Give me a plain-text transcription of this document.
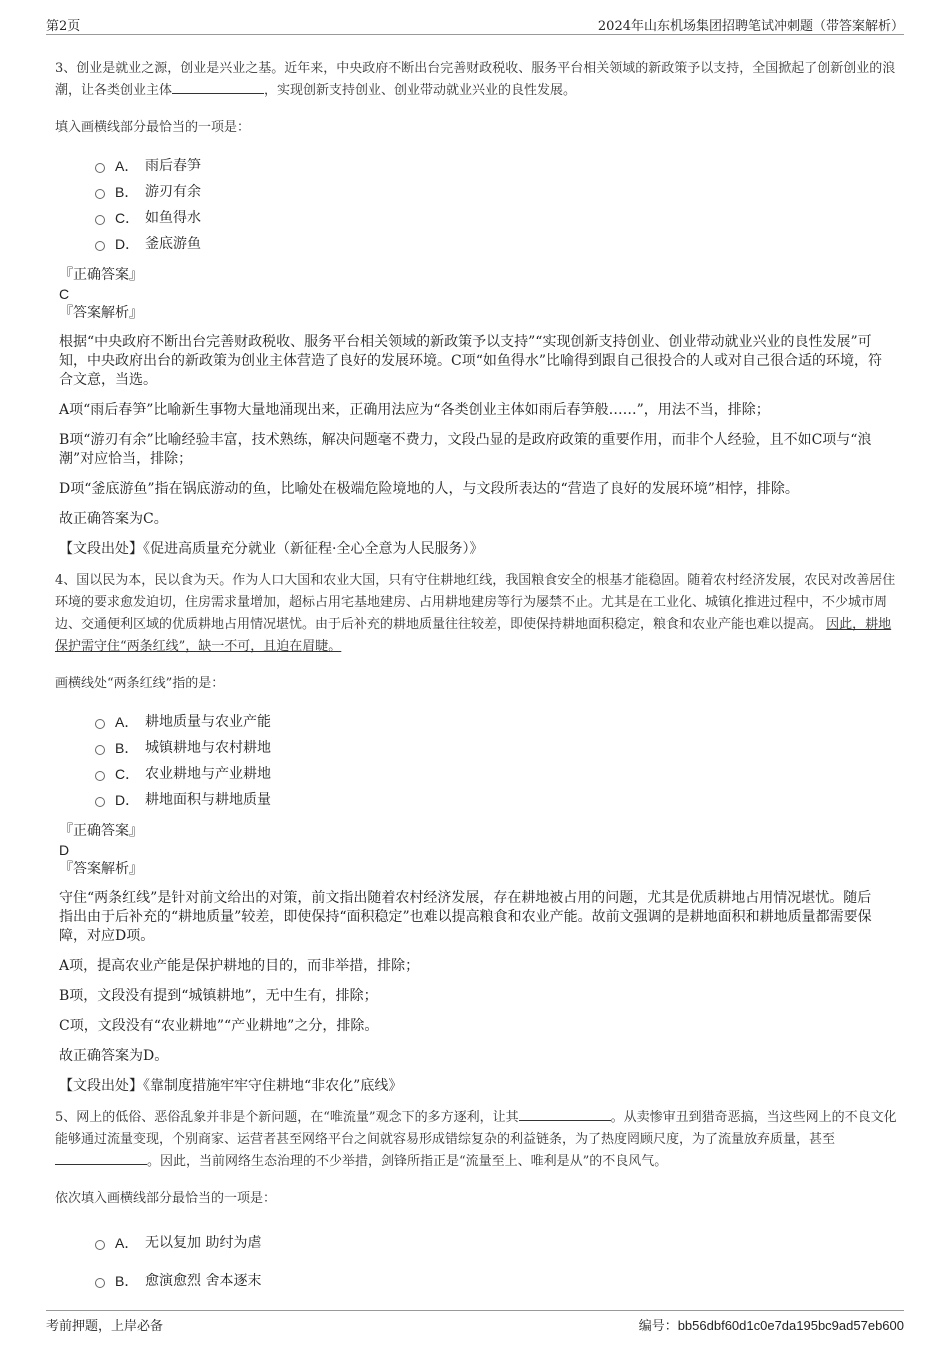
第2页	2024年山东机场集团招聘笔试冲刺题（带答案解析）

3、创业是就业之源，创业是兴业之基。近年来，中央政府不断出台完善财政税收、服务平台相关领域的新政策予以支持，全国掀起了创新创业的浪潮，让各类创业主体	，实现创新支持创业、创业带动就业兴业的良性发展。

填入画横线部分最恰当的一项是：
A． 雨后春笋
B． 游刃有余
C． 如鱼得水
D． 釜底游鱼
『正确答案』
C
『答案解析』

根据“中央政府不断出台完善财政税收、服务平台相关领域的新政策予以支持”“实现创新支持创业、创业带动就业兴业的良性发展”可知，中央政府出台的新政策为创业主体营造了良好的发展环境。C项“如鱼得水”比喻得到跟自己很投合的人或对自己很合适的环境，符合文意，当选。

A项“雨后春笋”比喻新生事物大量地涌现出来，正确用法应为“各类创业主体如雨后春笋般……”，用法不当，排除；

B项“游刃有余”比喻经验丰富，技术熟练，解决问题毫不费力，文段凸显的是政府政策的重要作用，而非个人经验，且不如C项与“浪潮”对应恰当，排除；

D项“釜底游鱼”指在锅底游动的鱼，比喻处在极端危险境地的人，与文段所表达的“营造了良好的发展环境”相悖，排除。

故正确答案为C。

【文段出处】《促进高质量充分就业（新征程·全心全意为人民服务）》

4、国以民为本，民以食为天。作为人口大国和农业大国，只有守住耕地红线，我国粮食安全的根基才能稳固。随着农村经济发展，农民对改善居住环境的要求愈发迫切，住房需求量增加，超标占用宅基地建房、占用耕地建房等行为屡禁不止。尤其是在工业化、城镇化推进过程中，不少城市周边、交通便利区域的优质耕地占用情况堪忧。由于后补充的耕地质量往往较差，即使保持耕地面积稳定，粮食和农业产能也难以提高。 因此，耕地保护需守住“两条红线”，缺一不可，且迫在眉睫。

画横线处“两条红线”指的是：
A． 耕地质量与农业产能
B． 城镇耕地与农村耕地
C． 农业耕地与产业耕地
D． 耕地面积与耕地质量
『正确答案』
D
『答案解析』

守住“两条红线”是针对前文给出的对策，前文指出随着农村经济发展，存在耕地被占用的问题，尤其是优质耕地占用情况堪忧。随后指出由于后补充的“耕地质量”较差，即使保持“面积稳定”也难以提高粮食和农业产能。故前文强调的是耕地面积和耕地质量都需要保障，对应D项。

A项，提高农业产能是保护耕地的目的，而非举措，排除；

B项，文段没有提到“城镇耕地”，无中生有，排除；

C项，文段没有“农业耕地”“产业耕地”之分，排除。

故正确答案为D。

【文段出处】《靠制度措施牢牢守住耕地“非农化”底线》

5、网上的低俗、恶俗乱象并非是个新问题，在“唯流量”观念下的多方逐利，让其	。从卖惨审丑到猎奇恶搞，当这些网上的不良文化能够通过流量变现，个别商家、运营者甚至网络平台之间就容易形成错综复杂的利益链条，为了热度罔顾尺度，为了流量放弃质量，甚至。因此，当前网络生态治理的不少举措，剑锋所指正是“流量至上、唯利是从”的不良风气。

依次填入画横线部分最恰当的一项是：
A． 无以复加 助纣为虐
B． 愈演愈烈 舍本逐末
考前押题，上岸必备	编号：bb56dbf60d1c0e7da195bc9ad57eb600
